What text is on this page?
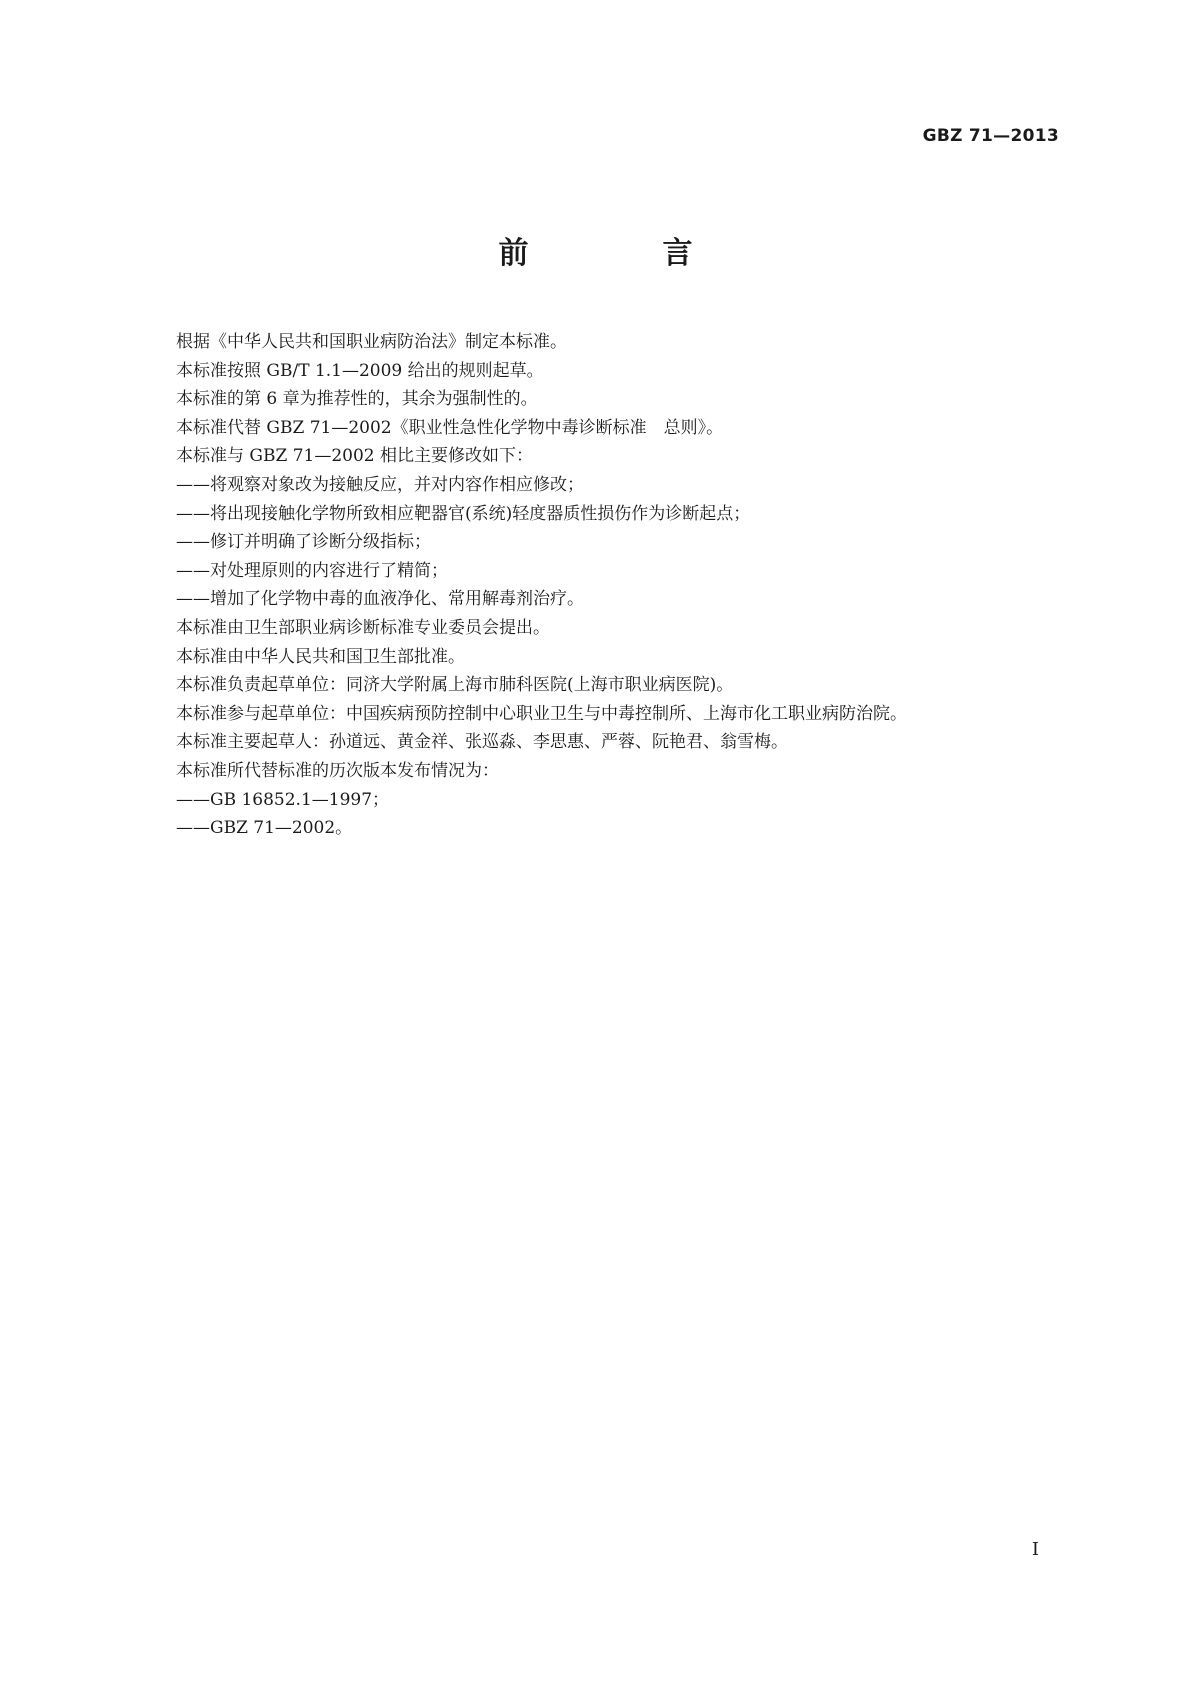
GBZ 71—2013
前　言
根据《中华人民共和国职业病防治法》制定本标准。
本标准按照 GB/T 1.1—2009 给出的规则起草。
本标准的第 6 章为推荐性的，其余为强制性的。
本标准代替 GBZ 71—2002《职业性急性化学物中毒诊断标准　总则》。
本标准与 GBZ 71—2002 相比主要修改如下：
——将观察对象改为接触反应，并对内容作相应修改；
——将出现接触化学物所致相应靶器官(系统)轻度器质性损伤作为诊断起点；
——修订并明确了诊断分级指标；
——对处理原则的内容进行了精简；
——增加了化学物中毒的血液净化、常用解毒剂治疗。
本标准由卫生部职业病诊断标准专业委员会提出。
本标准由中华人民共和国卫生部批准。
本标准负责起草单位：同济大学附属上海市肺科医院(上海市职业病医院)。
本标准参与起草单位：中国疾病预防控制中心职业卫生与中毒控制所、上海市化工职业病防治院。
本标准主要起草人：孙道远、黄金祥、张巡淼、李思惠、严蓉、阮艳君、翁雪梅。
本标准所代替标准的历次版本发布情况为：
——GB 16852.1—1997；
——GBZ 71—2002。
I
